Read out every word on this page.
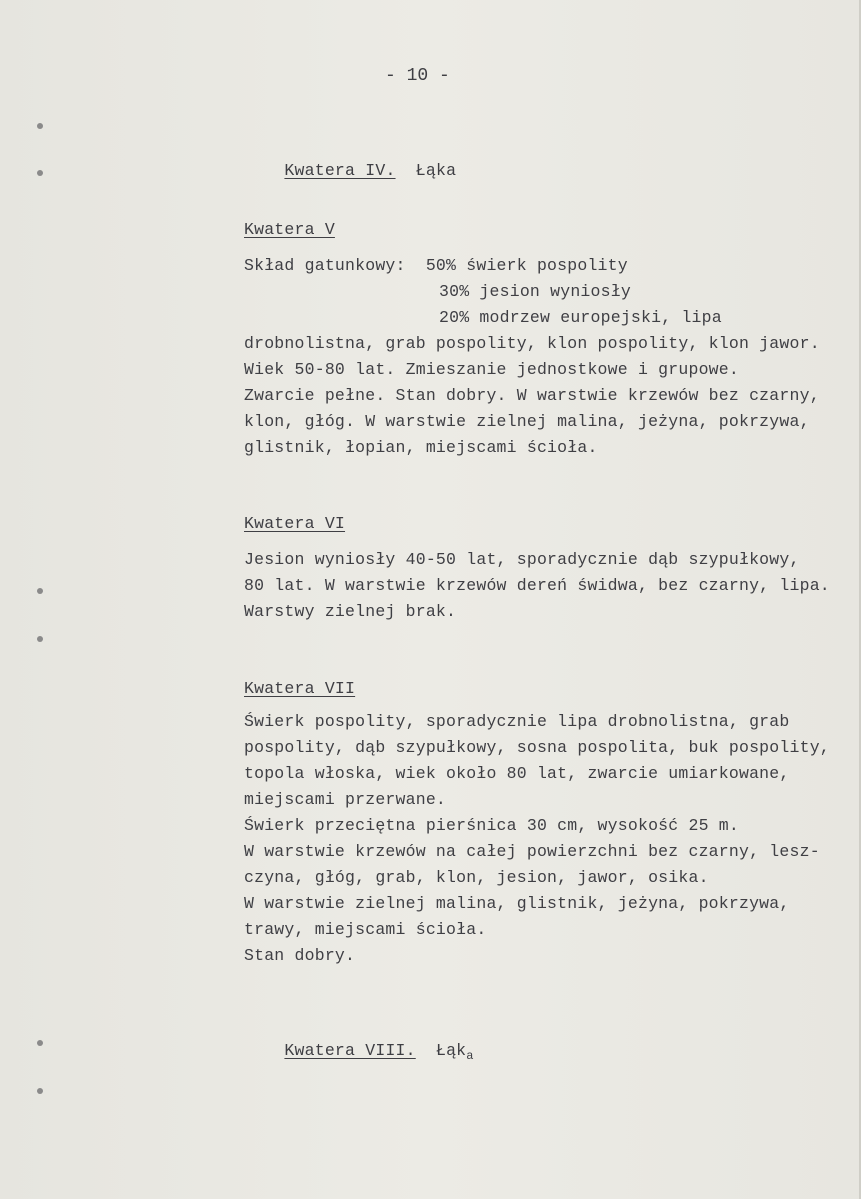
- 10 -

Kwatera IV. Łąka

Kwatera V
Skład gatunkowy:  50% świerk pospolity
30% jesion wyniosły
20% modrzew europejski, lipa
drobnolistna, grab pospolity, klon pospolity, klon jawor.
Wiek 50-80 lat. Zmieszanie jednostkowe i grupowe.
Zwarcie pełne. Stan dobry. W warstwie krzewów bez czarny,
klon, głóg. W warstwie zielnej malina, jeżyna, pokrzywa,
glistnik, łopian, miejscami ścioła.
Kwatera VI
Jesion wyniosły 40-50 lat, sporadycznie dąb szypułkowy,
80 lat. W warstwie krzewów dereń świdwa, bez czarny, lipa.
Warstwy zielnej brak.
Kwatera VII
Świerk pospolity, sporadycznie lipa drobnolistna, grab
pospolity, dąb szypułkowy, sosna pospolita, buk pospolity,
topola włoska, wiek około 80 lat, zwarcie umiarkowane,
miejscami przerwane.
Świerk przeciętna pierśnica 30 cm, wysokość 25 m.
W warstwie krzewów na całej powierzchni bez czarny, lesz-
czyna, głóg, grab, klon, jesion, jawor, osika.
W warstwie zielnej malina, glistnik, jeżyna, pokrzywa,
trawy, miejscami ścioła.
Stan dobry.

Kwatera VIII. Łąk$_a$
